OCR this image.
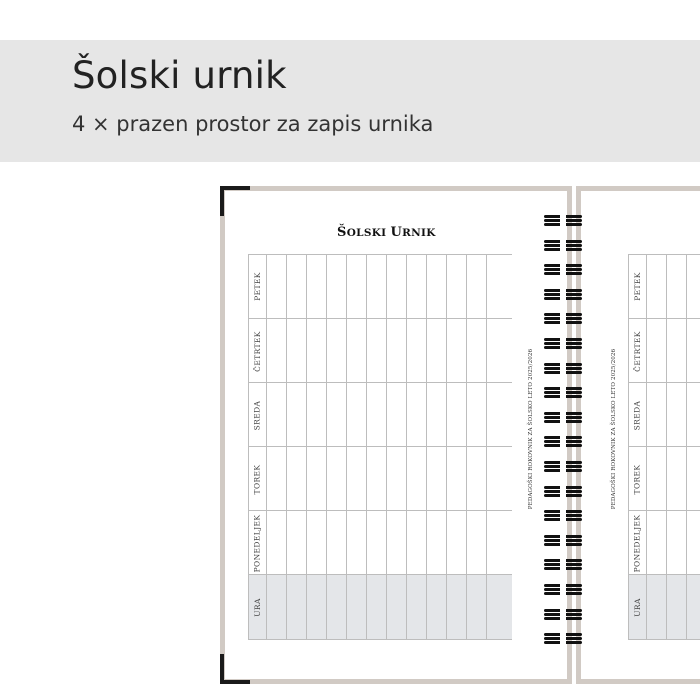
Šolski urnik
4 × prazen prostor za zapis urnika
ŠOLSKI URNIK
PETEK
ČETRTEK
SREDA
TOREK
PONEDELJEK
URA
PEDAGOŠKI ROKOVNIK ZA ŠOLSKO LETO 2025/2026
PETEK
ČETRTEK
SREDA
TOREK
PONEDELJEK
URA
PEDAGOŠKI ROKOVNIK ZA ŠOLSKO LETO 2025/2026
